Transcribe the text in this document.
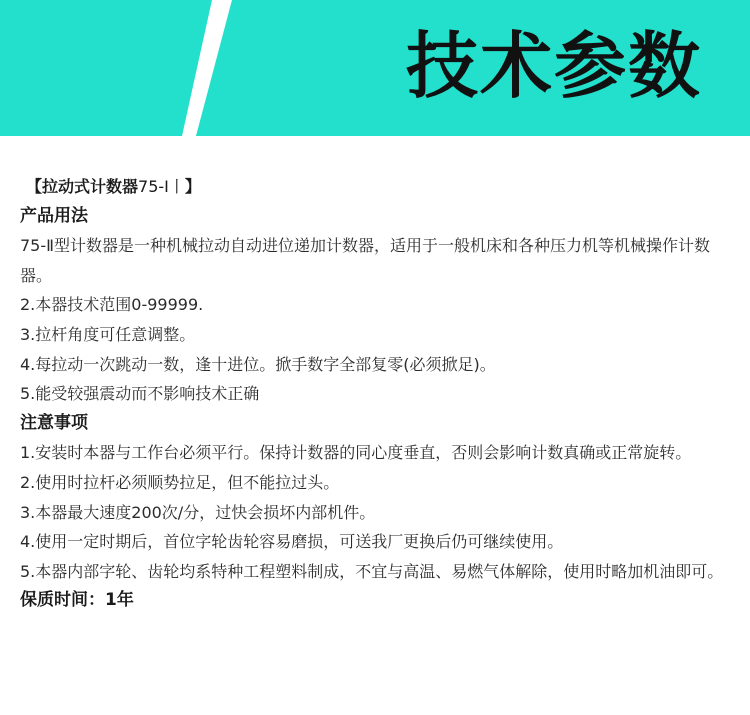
技术参数
【拉动式计数器75-Ⅰ丨】
产品用法
75-Ⅱ型计数器是一种机械拉动自动进位递加计数器，适用于一般机床和各种压力机等机械操作计数器。
2.本器技术范围0-99999.
3.拉杆角度可任意调整。
4.每拉动一次跳动一数，逢十进位。掀手数字全部复零(必须掀足)。
5.能受较强震动而不影响技术正确
注意事项
1.安装时本器与工作台必须平行。保持计数器的同心度垂直，否则会影响计数真确或正常旋转。
2.使用时拉杆必须顺势拉足，但不能拉过头。
3.本器最大速度200次/分，过快会损坏内部机件。
4.使用一定时期后，首位字轮齿轮容易磨损，可送我厂更换后仍可继续使用。
5.本器内部字轮、齿轮均系特种工程塑料制成，不宜与高温、易燃气体解除，使用时略加机油即可。
保质时间：1年
